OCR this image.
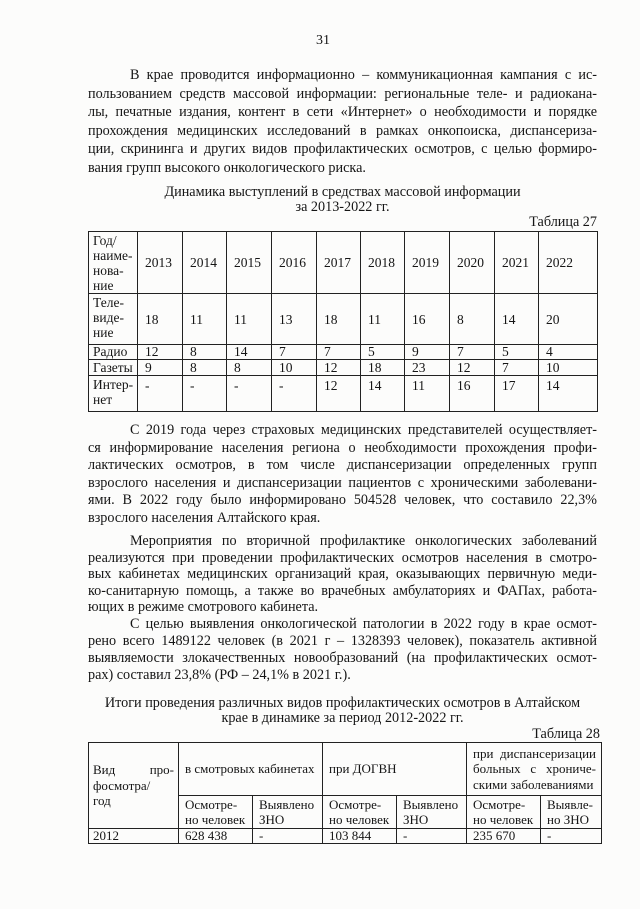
31
В крае проводится информационно – коммуникационная кампания с ис-
пользованием средств массовой информации: региональные теле- и радиокана-
лы, печатные издания, контент в сети «Интернет» о необходимости и порядке
прохождения медицинских исследований в рамках онкопоиска, диспансериза-
ции, скрининга и других видов профилактических осмотров, с целью формиро-
вания групп высокого онкологического риска.
Динамика выступлений в средствах массовой информации
за 2013-2022 гг.
Таблица 27
Год/
наиме-
нова-
ние	2013	2014	2015	2016	2017	2018	2019	2020	2021	2022

Теле-
виде-
ние	18	11	11	13	18	11	16	8	14	20

Радио	12	8	14	7	7	5	9	7	5	4

Газеты	9	8	8	10	12	18	23	12	7	10

Интер-
нет	-	-	-	-	12	14	11	16	17	14
С 2019 года через страховых медицинских представителей осуществляет-
ся информирование населения региона о необходимости прохождения профи-
лактических осмотров, в том числе диспансеризации определенных групп
взрослого населения и диспансеризации пациентов с хроническими заболевани-
ями. В 2022 году было информировано 504528 человек, что составило 22,3%
взрослого населения Алтайского края.
Мероприятия по вторичной профилактике онкологических заболеваний
реализуются при проведении профилактических осмотров населения в смотро-
вых кабинетах медицинских организаций края, оказывающих первичную меди-
ко-санитарную помощь, а также во врачебных амбулаториях и ФАПах, работа-
ющих в режиме смотрового кабинета.
С целью выявления онкологической патологии в 2022 году в крае осмот-
рено всего 1489122 человек (в 2021 г – 1328393 человек), показатель активной
выявляемости злокачественных новообразований (на профилактических осмот-
рах) составил 23,8% (РФ – 24,1% в 2021 г.).
Итоги проведения различных видов профилактических осмотров в Алтайском
крае в динамике за период 2012-2022 гг.
Таблица 28
Вид про-
фосмотра/
год	в смотровых кабинетах		при ДОГВН		при диспансеризации
больных с хрониче-
скими заболеваниями	

	Осмотре-
но человек	Выявлено
ЗНО	Осмотре-
но человек	Выявлено
ЗНО	Осмотре-
но человек	Выявле-
но ЗНО

2012	628 438	-	103 844	-	235 670	-
